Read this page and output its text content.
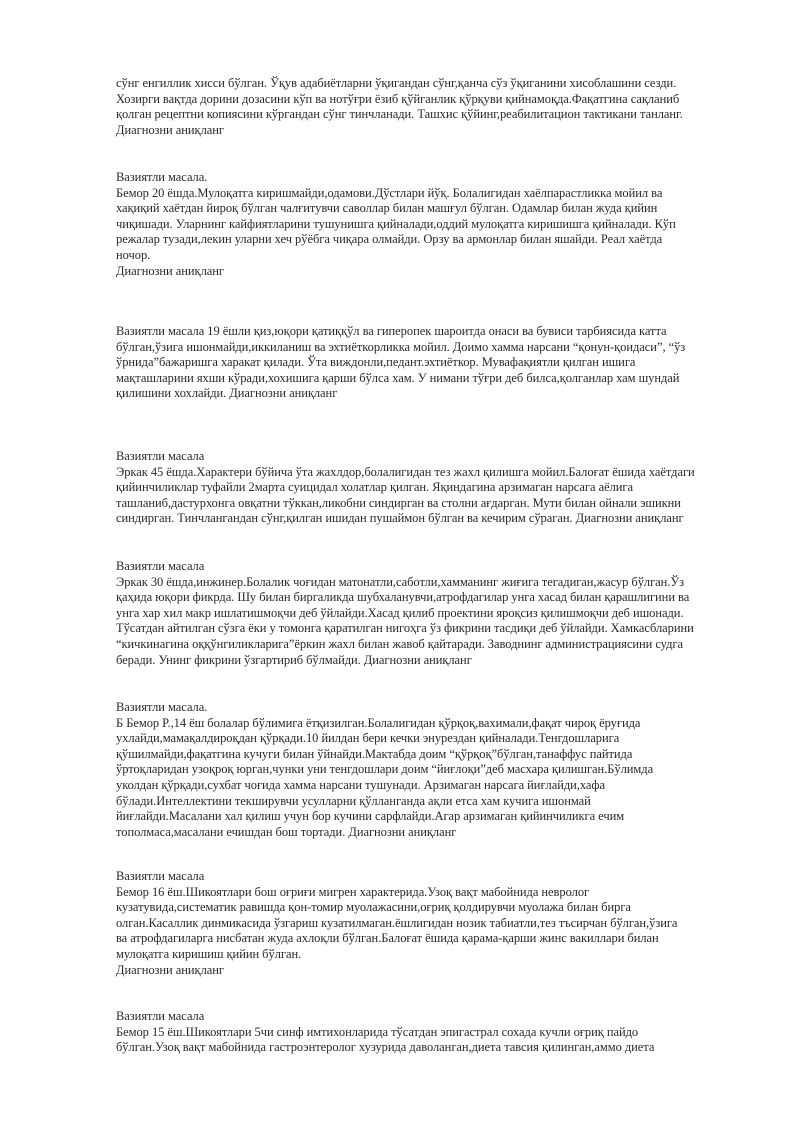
сўнг енгиллик хисси бўлган. Ўқув адабиётларни ўқигандан сўнг,қанча сўз ўқиганини хисоблашини сезди.
Хозирги вақтда дорини дозасини кўп ва нотўғри ёзиб қўйганлик қўрқуви қийнамоқда.Фақатгина сақланиб
қолган рецептни копиясини кўргандан сўнг тинчланади. Ташхис қўйинг,реабилитацион тактикани танланг.
Диагнозни аниқланг
Вазиятли масала.
Бемор 20 ёшда.Мулоқатга киришмайди,одамови.Дўстлари йўқ. Болалигидан хаёлпарастликка мойил ва
хақиқий хаётдан йироқ бўлган чалғитувчи саволлар билан машғул бўлган. Одамлар билан жуда қийин
чиқишади. Уларнинг кайфиятларини тушунишга қийналади,оддий мулоқатга киришишга қийналади. Кўп
режалар тузади,лекин уларни хеч рўёбга чиқара олмайди. Орзу ва армонлар билан яшайди. Реал хаётда
ночор.
Диагнозни аниқланг
Вазиятли масала 19 ёшли қиз,юқори қатиққўл ва гиперопек шароитда онаси ва бувиси тарбиясида катта
бўлган,ўзига ишонмайди,иккиланиш ва эхтиёткорликка мойил. Доимо хамма нарсани “қонун-қоидаси”, “ўз
ўрнида”бажаришга харакат қилади. Ўта виждонли,педант.эхтиёткор. Мувафақиятли қилган ишига
мақташларини яхши кўради,хохишига қарши бўлса хам. У нимани тўғри деб билса,қолганлар хам шундай
қилишини хохлайди. Диагнозни аниқланг
Вазиятли масала
Эркак 45 ёшда.Характери бўйича ўта жахлдор,болалигидан тез жахл қилишга мойил.Балоғат ёшида хаётдаги
қийинчиликлар туфайли 2марта суицидал холатлар қилган. Яқиндагина арзимаган нарсага аёлига
ташланиб,дастурхонга овқатни тўккан,ликобни синдирган ва столни ағдарган. Мути билан ойнали эшикни
синдирган. Тинчлангандан сўнг,қилган ишидан пушаймон бўлган ва кечирим сўраган. Диагнозни аниқланг
Вазиятли масала
Эркак 30 ёшда,инжинер.Болалик чоғидан матонатли,саботли,хамманинг жиғига тегадиган,жасур бўлган.Ўз
қаҳида юқори фикрда. Шу билан биргаликда шубхаланувчи,атрофдагилар унга хасад билан қарашлигини ва
унга хар хил макр ишлатишмоқчи деб ўйлайди.Хасад қилиб проектини яроқсиз қилишмоқчи деб ишонади.
Тўсатдан айтилган сўзга ёки у томонга қаратилган нигоҳга ўз фикрини тасдиқи деб ўйлайди. Хамкасбларини
“кичкинагина оққўнгиликларига”ёркин жахл билан жавоб қайтаради. Заводнинг администрациясини судга
беради. Унинг фикрини ўзгартириб бўлмайди. Диагнозни аниқланг
Вазиятли масала.
Б Бемор Р.,14 ёш болалар бўлимига ётқизилган.Болалигидан қўрқоқ,вахимали,фақат чироқ ёруғида
ухлайди,мамақалдироқдан қўрқади.10 йилдан бери кечки энурездан қийналади.Тенгдошларига
қўшилмайди,фақатгина кучуги билан ўйнайди.Мактабда доим “қўрқоқ”бўлган,танаффус пайтида
ўртоқларидан узоқроқ юрган,чунки уни тенгдошлари доим “йиғлоқи”деб масхара қилишган.Бўлимда
уколдан қўрқади,сухбат чоғида хамма нарсани тушунади. Арзимаган нарсага йиғлайди,хафа
бўлади.Интеллектини текширувчи усулларни қўлланганда ақли етса хам кучига ишонмай
йиғлайди.Масалани хал қилиш учун бор кучини сарфлайди.Агар арзимаган қийинчиликга ечим
тополмаса,масалани ечишдан бош тортади. Диагнозни аниқланг
Вазиятли масала
Бемор 16 ёш.Шикоятлари бош оғриғи мигрен характерида.Узоқ вақт мабойнида невролог
кузатувида,систематик равишда қон-томир муолажасини,оғриқ қолдирувчи муолажа билан бирга
олган.Касаллик динмикасида ўзгариш кузатилмаган.ёшлигидан нозик табиатли,тез тъсирчан бўлган,ўзига
ва атрофдагиларга нисбатан жуда ахлоқли бўлган.Балоғат ёшида қарама-қарши жинс вакиллари билан
мулоқатга киришиш қийин бўлган.
Диагнозни аниқланг
Вазиятли масала
Бемор 15 ёш.Шикоятлари 5чи синф имтихонларида тўсатдан эпигастрал сохада кучли оғриқ пайдо
бўлган.Узоқ вақт мабойнида гастроэнтеролог хузурида даволанган,диета тавсия қилинган,аммо диета
